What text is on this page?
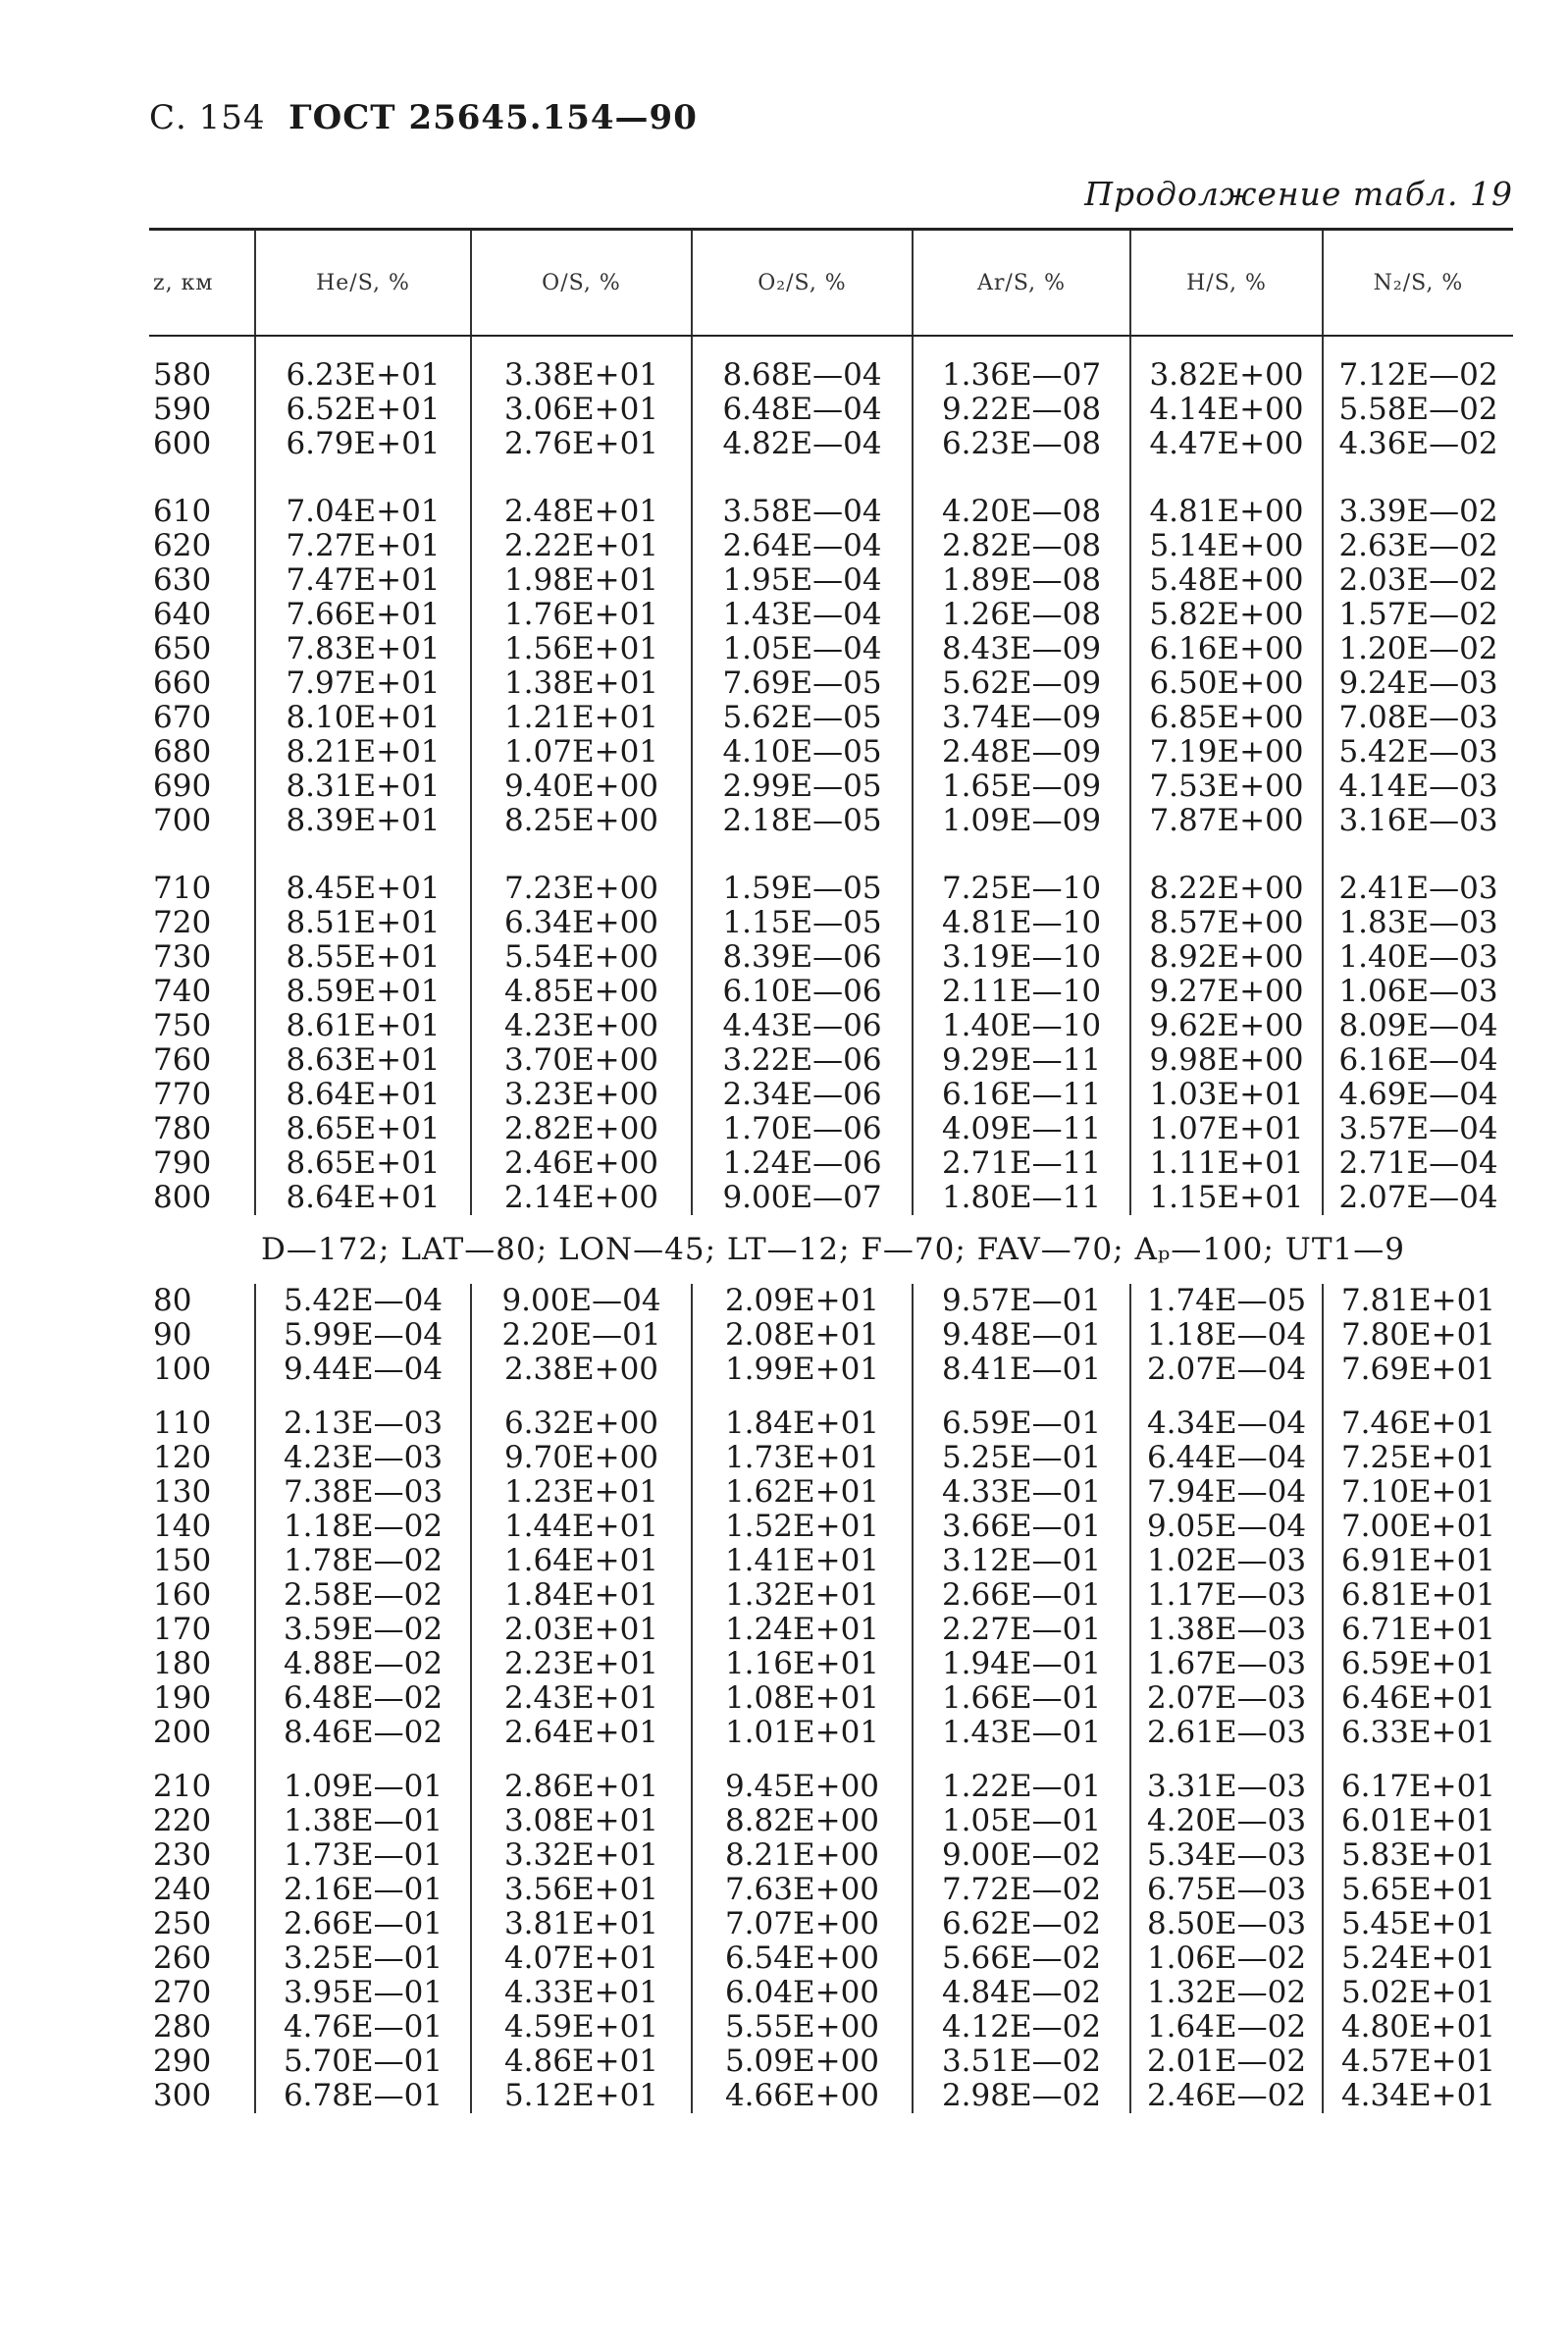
С. 154 ГОСТ 25645.154—90
Продолжение табл. 19
z, км	He/S, %	O/S, %	O₂/S, %	Ar/S, %	H/S, %	N₂/S, %

580	6.23E+01	3.38E+01	8.68E—04	1.36E—07	3.82E+00	7.12E—02
590	6.52E+01	3.06E+01	6.48E—04	9.22E—08	4.14E+00	5.58E—02
600	6.79E+01	2.76E+01	4.82E—04	6.23E—08	4.47E+00	4.36E—02

610	7.04E+01	2.48E+01	3.58E—04	4.20E—08	4.81E+00	3.39E—02
620	7.27E+01	2.22E+01	2.64E—04	2.82E—08	5.14E+00	2.63E—02
630	7.47E+01	1.98E+01	1.95E—04	1.89E—08	5.48E+00	2.03E—02
640	7.66E+01	1.76E+01	1.43E—04	1.26E—08	5.82E+00	1.57E—02
650	7.83E+01	1.56E+01	1.05E—04	8.43E—09	6.16E+00	1.20E—02
660	7.97E+01	1.38E+01	7.69E—05	5.62E—09	6.50E+00	9.24E—03
670	8.10E+01	1.21E+01	5.62E—05	3.74E—09	6.85E+00	7.08E—03
680	8.21E+01	1.07E+01	4.10E—05	2.48E—09	7.19E+00	5.42E—03
690	8.31E+01	9.40E+00	2.99E—05	1.65E—09	7.53E+00	4.14E—03
700	8.39E+01	8.25E+00	2.18E—05	1.09E—09	7.87E+00	3.16E—03

710	8.45E+01	7.23E+00	1.59E—05	7.25E—10	8.22E+00	2.41E—03
720	8.51E+01	6.34E+00	1.15E—05	4.81E—10	8.57E+00	1.83E—03
730	8.55E+01	5.54E+00	8.39E—06	3.19E—10	8.92E+00	1.40E—03
740	8.59E+01	4.85E+00	6.10E—06	2.11E—10	9.27E+00	1.06E—03
750	8.61E+01	4.23E+00	4.43E—06	1.40E—10	9.62E+00	8.09E—04
760	8.63E+01	3.70E+00	3.22E—06	9.29E—11	9.98E+00	6.16E—04
770	8.64E+01	3.23E+00	2.34E—06	6.16E—11	1.03E+01	4.69E—04
780	8.65E+01	2.82E+00	1.70E—06	4.09E—11	1.07E+01	3.57E—04
790	8.65E+01	2.46E+00	1.24E—06	2.71E—11	1.11E+01	2.71E—04
800	8.64E+01	2.14E+00	9.00E—07	1.80E—11	1.15E+01	2.07E—04
D—172; LAT—80; LON—45; LT—12; F—70; FAV—70; Aₚ—100; UT1—9						
80	5.42E—04	9.00E—04	2.09E+01	9.57E—01	1.74E—05	7.81E+01
90	5.99E—04	2.20E—01	2.08E+01	9.48E—01	1.18E—04	7.80E+01
100	9.44E—04	2.38E+00	1.99E+01	8.41E—01	2.07E—04	7.69E+01

110	2.13E—03	6.32E+00	1.84E+01	6.59E—01	4.34E—04	7.46E+01
120	4.23E—03	9.70E+00	1.73E+01	5.25E—01	6.44E—04	7.25E+01
130	7.38E—03	1.23E+01	1.62E+01	4.33E—01	7.94E—04	7.10E+01
140	1.18E—02	1.44E+01	1.52E+01	3.66E—01	9.05E—04	7.00E+01
150	1.78E—02	1.64E+01	1.41E+01	3.12E—01	1.02E—03	6.91E+01
160	2.58E—02	1.84E+01	1.32E+01	2.66E—01	1.17E—03	6.81E+01
170	3.59E—02	2.03E+01	1.24E+01	2.27E—01	1.38E—03	6.71E+01
180	4.88E—02	2.23E+01	1.16E+01	1.94E—01	1.67E—03	6.59E+01
190	6.48E—02	2.43E+01	1.08E+01	1.66E—01	2.07E—03	6.46E+01
200	8.46E—02	2.64E+01	1.01E+01	1.43E—01	2.61E—03	6.33E+01

210	1.09E—01	2.86E+01	9.45E+00	1.22E—01	3.31E—03	6.17E+01
220	1.38E—01	3.08E+01	8.82E+00	1.05E—01	4.20E—03	6.01E+01
230	1.73E—01	3.32E+01	8.21E+00	9.00E—02	5.34E—03	5.83E+01
240	2.16E—01	3.56E+01	7.63E+00	7.72E—02	6.75E—03	5.65E+01
250	2.66E—01	3.81E+01	7.07E+00	6.62E—02	8.50E—03	5.45E+01
260	3.25E—01	4.07E+01	6.54E+00	5.66E—02	1.06E—02	5.24E+01
270	3.95E—01	4.33E+01	6.04E+00	4.84E—02	1.32E—02	5.02E+01
280	4.76E—01	4.59E+01	5.55E+00	4.12E—02	1.64E—02	4.80E+01
290	5.70E—01	4.86E+01	5.09E+00	3.51E—02	2.01E—02	4.57E+01
300	6.78E—01	5.12E+01	4.66E+00	2.98E—02	2.46E—02	4.34E+01
